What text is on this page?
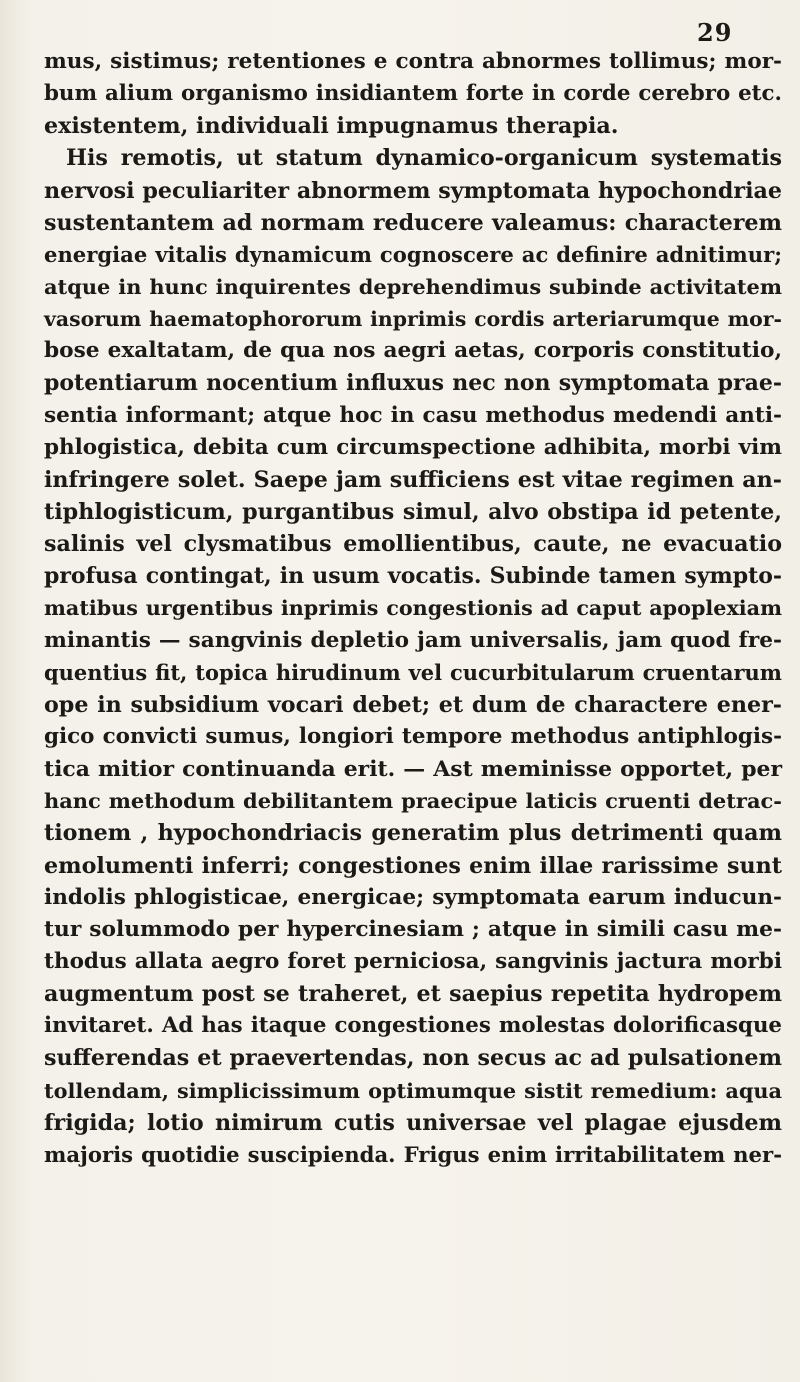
29
mus, sistimus; retentiones e contra abnormes tollimus; mor-
bum alium organismo insidiantem forte in corde cerebro etc.
existentem, individuali impugnamus therapia.
His remotis, ut statum dynamico-organicum systematis
nervosi peculiariter abnormem symptomata hypochondriae
sustentantem ad normam reducere valeamus: characterem
energiae vitalis dynamicum cognoscere ac definire adnitimur;
atque in hunc inquirentes deprehendimus subinde activitatem
vasorum haematophororum inprimis cordis arteriarumque mor-
bose exaltatam, de qua nos aegri aetas, corporis constitutio,
potentiarum nocentium influxus nec non symptomata prae-
sentia informant; atque hoc in casu methodus medendi anti-
phlogistica, debita cum circumspectione adhibita, morbi vim
infringere solet. Saepe jam sufficiens est vitae regimen an-
tiphlogisticum, purgantibus simul, alvo obstipa id petente,
salinis vel clysmatibus emollientibus, caute, ne evacuatio
profusa contingat, in usum vocatis. Subinde tamen sympto-
matibus urgentibus inprimis congestionis ad caput apoplexiam
minantis — sangvinis depletio jam universalis, jam quod fre-
quentius fit, topica hirudinum vel cucurbitularum cruentarum
ope in subsidium vocari debet; et dum de charactere ener-
gico convicti sumus, longiori tempore methodus antiphlogis-
tica mitior continuanda erit. — Ast meminisse opportet, per
hanc methodum debilitantem praecipue laticis cruenti detrac-
tionem , hypochondriacis generatim plus detrimenti quam
emolumenti inferri; congestiones enim illae rarissime sunt
indolis phlogisticae, energicae; symptomata earum inducun-
tur solummodo per hypercinesiam ; atque in simili casu me-
thodus allata aegro foret perniciosa, sangvinis jactura morbi
augmentum post se traheret, et saepius repetita hydropem
invitaret. Ad has itaque congestiones molestas dolorificasque
sufferendas et praevertendas, non secus ac ad pulsationem
tollendam, simplicissimum optimumque sistit remedium: aqua
frigida; lotio nimirum cutis universae vel plagae ejusdem
majoris quotidie suscipienda. Frigus enim irritabilitatem ner-
